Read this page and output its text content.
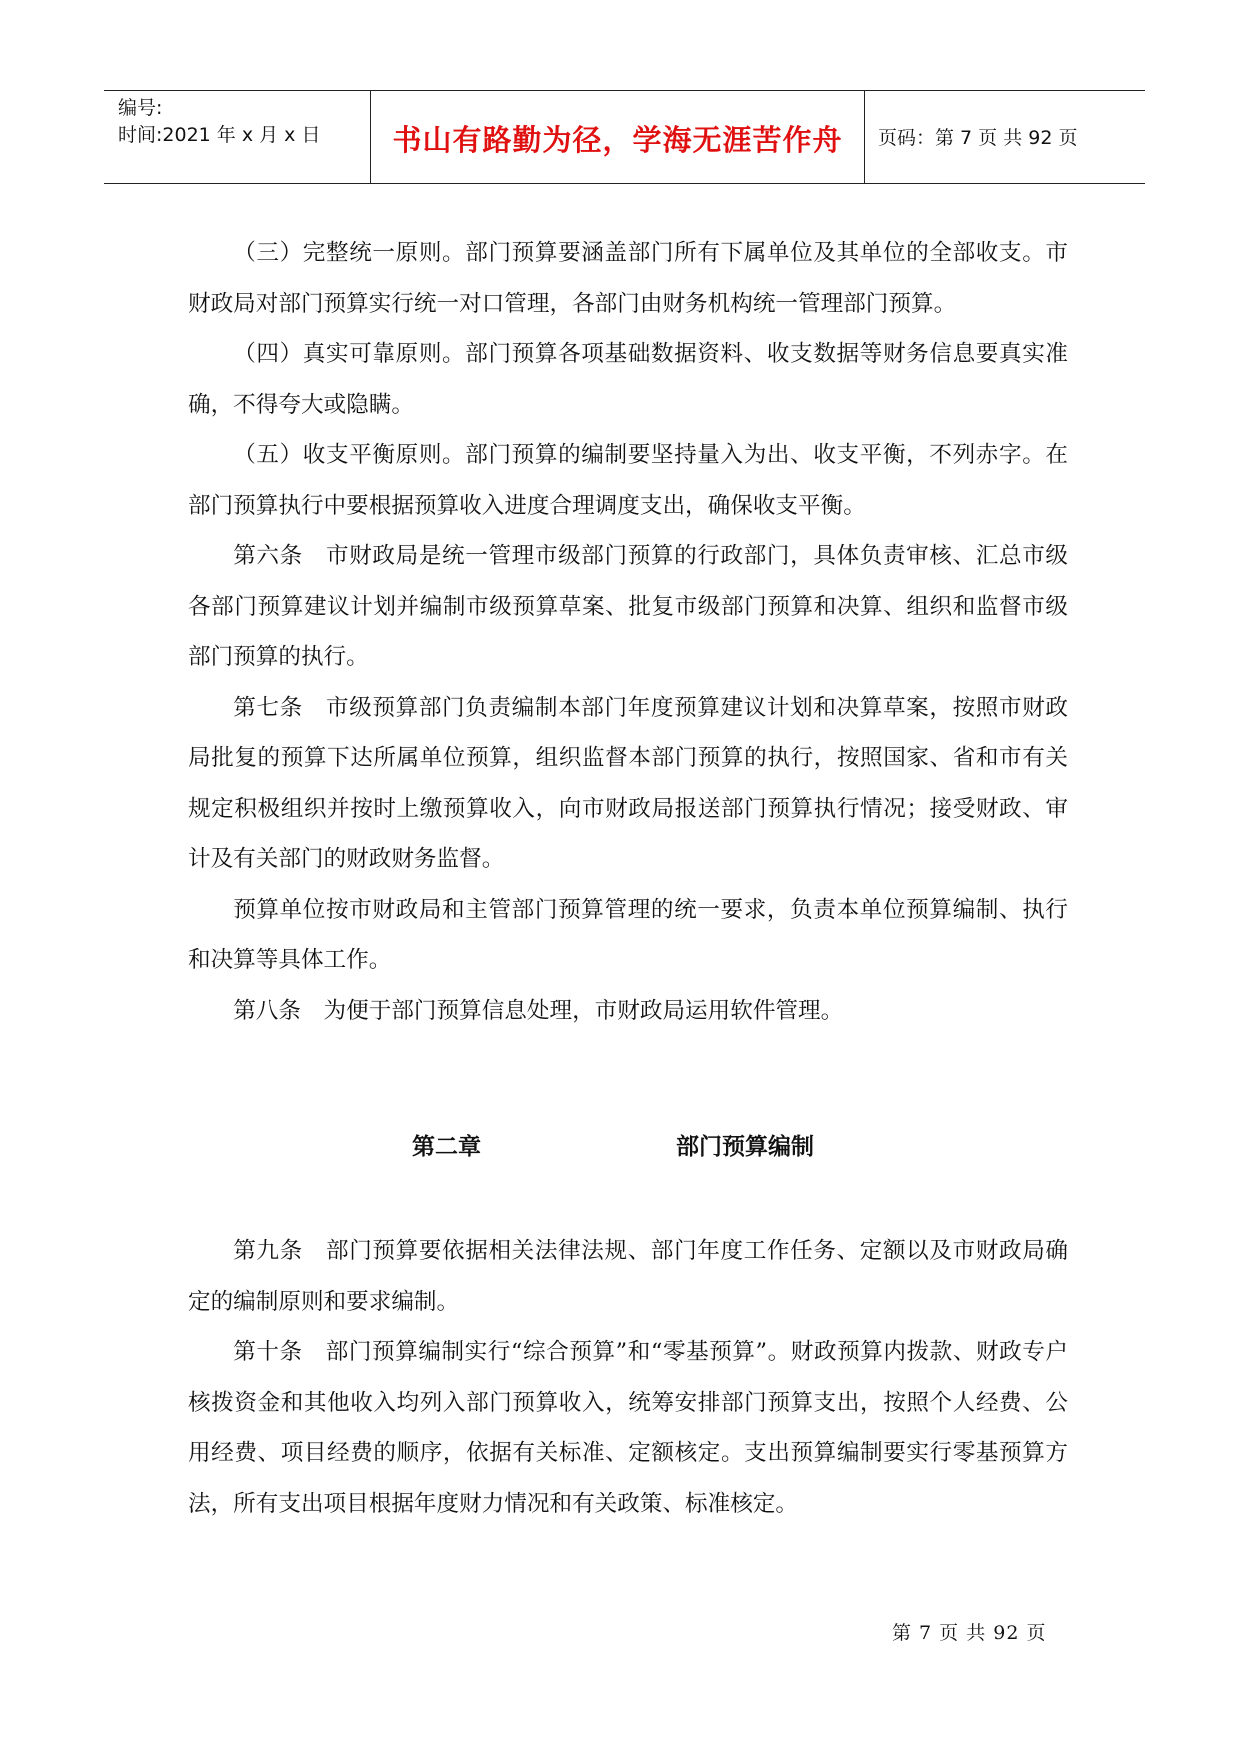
编号:
时间:2021 年 x 月 x 日	书山有路勤为径，学海无涯苦作舟	页码：第 7 页 共 92 页

（三）完整统一原则。部门预算要涵盖部门所有下属单位及其单位的全部收支。市财政局对部门预算实行统一对口管理，各部门由财务机构统一管理部门预算。

（四）真实可靠原则。部门预算各项基础数据资料、收支数据等财务信息要真实准确，不得夸大或隐瞒。

（五）收支平衡原则。部门预算的编制要坚持量入为出、收支平衡，不列赤字。在部门预算执行中要根据预算收入进度合理调度支出，确保收支平衡。

第六条　市财政局是统一管理市级部门预算的行政部门，具体负责审核、汇总市级各部门预算建议计划并编制市级预算草案、批复市级部门预算和决算、组织和监督市级部门预算的执行。

第七条　市级预算部门负责编制本部门年度预算建议计划和决算草案，按照市财政局批复的预算下达所属单位预算，组织监督本部门预算的执行，按照国家、省和市有关规定积极组织并按时上缴预算收入，向市财政局报送部门预算执行情况；接受财政、审计及有关部门的财政财务监督。

预算单位按市财政局和主管部门预算管理的统一要求，负责本单位预算编制、执行和决算等具体工作。

第八条　为便于部门预算信息处理，市财政局运用软件管理。

第二章	部门预算编制

第九条　部门预算要依据相关法律法规、部门年度工作任务、定额以及市财政局确定的编制原则和要求编制。

第十条　部门预算编制实行“综合预算”和“零基预算”。财政预算内拨款、财政专户核拨资金和其他收入均列入部门预算收入，统筹安排部门预算支出，按照个人经费、公用经费、项目经费的顺序，依据有关标准、定额核定。支出预算编制要实行零基预算方法，所有支出项目根据年度财力情况和有关政策、标准核定。

第 7 页 共 92 页
